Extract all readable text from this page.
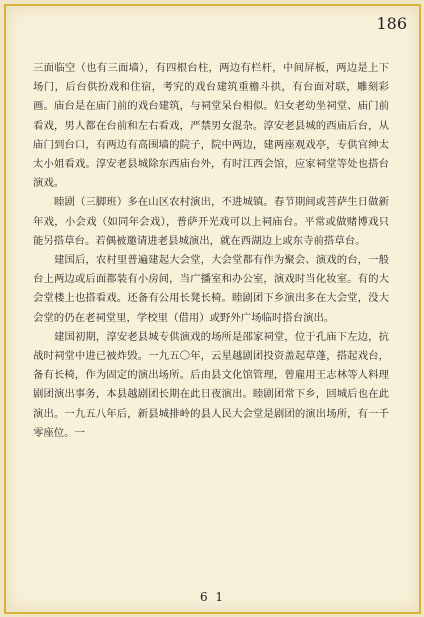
186

三面临空（也有三面墙），有四根台柱，两边有栏杆，中间屏板，两边是上下场门，后台供扮戏和住宿，考究的戏台建筑重檐斗拱，有台面对联，雕刻彩画。庙台是在庙门前的戏台建筑，与祠堂呆台相似。妇女老幼坐祠堂、庙门前看戏，男人都在台前和左右看戏，严禁男女混杂。淳安老县城的西庙后台，从庙门到台口，有两边有高围墙的院子，院中两边，建两座观戏亭，专供官绅太太小姐看戏。淳安老县城除东西庙台外，有时江西会馆，应家祠堂等处也搭台演戏。

睦剧（三脚班）多在山区农村演出，不进城镇。春节期间或菩萨生日做新年戏，小会戏（如同年会戏），普萨开光戏可以上祠庙台。平常或做赌博戏只能另搭草台。若偶被邀请进老县城演出，就在西湖边上或东寺前搭草台。

建国后，农村里普遍建起大会堂，大会堂都有作为聚会、演戏的台，一般台上两边或后面都装有小房间，当广播室和办公室，演戏时当化妆室。有的大会堂楼上也搭看戏。还备有公用长凳长椅。睦剧团下乡演出多在大会堂，没大会堂的仍在老祠堂里，学校里（借用）或野外广场临时搭台演出。

建国初期，淳安老县城专供演戏的场所是邵家祠堂，位于孔庙下左边，抗战时祠堂中进已被炸毁。一九五〇年，云星越剧团投资盖起草蓬，搭起戏台，备有长椅，作为固定的演出场所。后由县文化馆管理，曾雇用王志林等人料理剧团演出事务，本县越剧团长期在此日夜演出。睦剧团常下乡，回城后也在此演出。一九五八年后，新县城排岭的县人民大会堂是剧团的演出场所，有一千零座位。一

6 1
